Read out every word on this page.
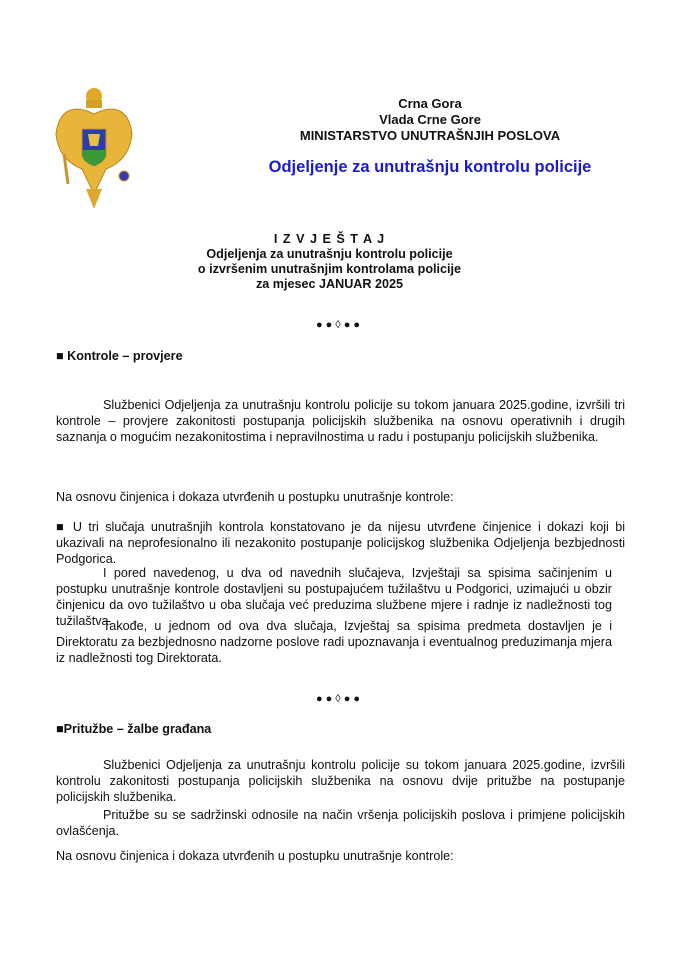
Crna Gora
Vlada Crne Gore
MINISTARSTVO UNUTRAŠNJIH POSLOVA
Odjeljenje za unutrašnju kontrolu policije
I Z V J E Š T A J
Odjeljenja za unutrašnju kontrolu policije
o izvršenim unutrašnjim kontrolama policije
za mjesec JANUAR 2025
●●◊●●
■ Kontrole – provjere
Službenici Odjeljenja za unutrašnju kontrolu policije su tokom januara 2025.godine, izvršili tri kontrole – provjere zakonitosti postupanja policijskih službenika na osnovu operativnih i drugih saznanja o mogućim nezakonitostima i nepravilnostima u radu i postupanju policijskih službenika.
Na osnovu činjenica i dokaza utvrđenih u postupku unutrašnje kontrole:
■ U tri slučaja unutrašnjih kontrola konstatovano je da nijesu utvrđene činjenice i dokazi koji bi ukazivali na neprofesionalno ili nezakonito postupanje policijskog službenika Odjeljenja bezbjednosti Podgorica.
I pored navedenog, u dva od navednih slučajeva, Izvještaji sa spisima sačinjenim u postupku unutrašnje kontrole dostavljeni su postupajućem tužilaštvu u Podgorici, uzimajući u obzir činjenicu da ovo tužilaštvo u oba slučaja već preduzima službene mjere i radnje iz nadležnosti tog tužilaštva.
Takođe, u jednom od ova dva slučaja, Izvještaj sa spisima predmeta dostavljen je i Direktoratu za bezbjednosno nadzorne poslove radi upoznavanja i eventualnog preduzimanja mjera iz nadležnosti tog Direktorata.
●●◊●●
■Pritužbe – žalbe građana
Službenici Odjeljenja za unutrašnju kontrolu policije su tokom januara 2025.godine, izvršili kontrolu zakonitosti postupanja policijskih službenika na osnovu dvije pritužbe na postupanje policijskih službenika.
Pritužbe su se sadržinski odnosile na način vršenja policijskih poslova i primjene policijskih ovlašćenja.
Na osnovu činjenica i dokaza utvrđenih u postupku unutrašnje kontrole:
